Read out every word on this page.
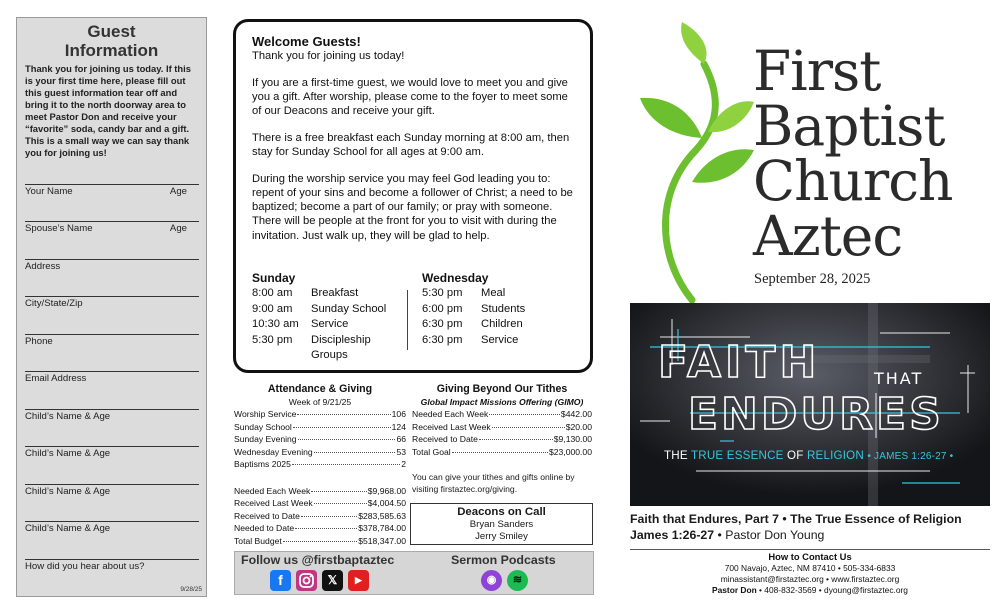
Guest
Information
Thank you for joining us today. If this is your first time here, please fill out this guest information tear off and bring it to the north doorway area to meet Pastor Don and receive your “favorite” soda, candy bar and a gift. This is a small way we can say thank you for joining us!
Your Name	Age
Spouse’s Name	Age
Address
City/State/Zip
Phone
Email Address
Child’s Name & Age
Child’s Name & Age
Child’s Name & Age
Child’s Name & Age
How did you hear about us?
9/28/25
Welcome Guests!

Thank you for joining us today!

If you are a first-time guest, we would love to meet you and give you a gift. After worship, please come to the foyer to meet some of our Deacons and receive your gift.

There is a free breakfast each Sunday morning at 8:00 am, then stay for Sunday School for all ages at 9:00 am.

During the worship service you may feel God leading you to: repent of your sins and become a follower of Christ; a need to be baptized; become a part of our family; or pray with someone. There will be people at the front for you to visit with during the invitation. Just walk up, they will be glad to help.

Sunday
8:00 am	Breakfast
9:00 am	Sunday School
10:30 am	Service
5:30 pm	Discipleship Groups
Wednesday
5:30 pm	Meal
6:00 pm	Students
6:30 pm	Children
6:30 pm	Service
Attendance & Giving
Week of 9/21/25
Worship Service	106
Sunday School	124
Sunday Evening	66
Wednesday Evening	53
Baptisms 2025	2
Needed Each Week	$9,968.00
Received Last Week	$4,004.50
Received to Date	$283,585.63
Needed to Date	$378,784.00
Total Budget	$518,347.00
Giving Beyond Our Tithes
Global Impact Missions Offering (GIMO)
Needed Each Week	$442.00
Received Last Week	$20.00
Received to Date	$9,130.00
Total Goal	$23,000.00
You can give your tithes and gifts online by visiting firstaztec.org/giving.
Deacons on Call
Bryan Sanders
Jerry Smiley
Follow us @firstbaptaztec	Sermon Podcasts
f	𝕏	▶	◉	≋
First
Baptist
Church
Aztec
September 28, 2025
FAITH	THAT
ENDURES
THE TRUE ESSENCE OF RELIGION • JAMES 1:26-27 •
Faith that Endures, Part 7 • The True Essence of Religion
James 1:26-27 • Pastor Don Young
How to Contact Us
700 Navajo, Aztec, NM 87410 • 505-334-6833
minassistant@firstaztec.org • www.firstaztec.org
Pastor Don • 408-832-3569 • dyoung@firstaztec.org
